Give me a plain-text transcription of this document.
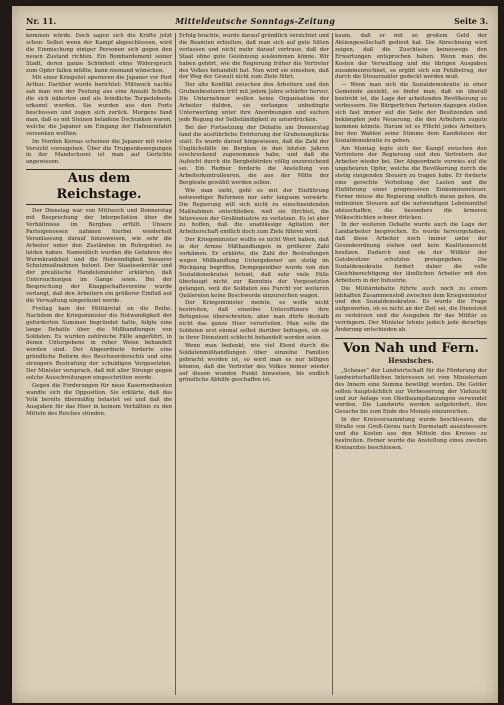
Nr. 11.	Mitteldeutsche Sonntags-Zeitung	Seite 3.

kommen würde. Doch sagen sich die Kräfte jetzt schon: Selbst wenn der Kampf abgeschlossen, wird die Einmischung einiger Personen sich gegen den neuen Zustand richten. Ein Bombardement seiner Stadt, deren ganze Schönheit ohne Widerspruch zum Opfer fallen müßte, kann niemand wünschen.

Mit einer Kriegslist operieren die Japaner vor Port Arthur. Darüber wurde berichtet: Mittwoch nachts sah man von der Festung aus eine Anzahl Schiffe, die sich näherten und als feindliche Torpedoboote erkannt wurden. Sie wurden aus den Forts beschossen und zogen sich zurück. Morgens fand man, daß es mit Steinen beladene Dschunken waren, welche die Japaner am Eingang der Hafeneinfahrt versenken wollten.

Im Norden Koreas scheinen die Japaner mit vieler Vorsicht vorzugehen. Über die Truppenbewegungen in der Mandschurei ist man auf Gerüchte angewiesen.

Aus dem Reichstage.

Der Dienstag war von Mittwoch und Donnerstag mit Besprechung der Interpellation über die Verhältnisse im Bergbau erfüllt. Unsere Parteigenossen nahmen hierbei wiederholt Veranlassung darauf hinzuweisen, wie sehr die Arbeiter unter den Zuständen im Ruhrgebiet zu leiden haben. Namentlich wurden die Gefahren des Wurmkrankheit und die Notwendigkeit besserer Schutzmaßnahmen betont. Der Staatssekretär und der preußische Handelsminister erklärten, daß Untersuchungen im Gange seien. Bei der Besprechung der Knappschaftsvereine wurde verlangt, daß den Arbeitern ein größerer Einfluß auf die Verwaltung eingeräumt werde.

Freitag kam der Militäretat an die Reihe. Nachdem der Kriegsminister die Notwendigkeit der geforderten Summen begründet hatte, folgte eine lange Debatte über die Mißhandlungen von Soldaten. Es wurden zahlreiche Fälle angeführt, in denen Untergebene in roher Weise behandelt worden sind. Der Abgeordnete forderte eine gründliche Reform des Beschwerderechts und eine strengere Bestrafung der schuldigen Vorgesetzten. Der Minister versprach, daß mit aller Strenge gegen solche Ausschreitungen eingeschritten werde.

Gegen die Forderungen für neue Kasernenbauten wandte sich die Opposition. Sie erklärte, daß das Volk bereits übermäßig belastet sei und daß die Ausgaben für das Heer in keinem Verhältnis zu den Mitteln des Reiches stünden.

Erfolg brachte, wurde darauf gründlich verzichtet und die Beamten erhielten, daß man sich auf gute Sitten verlassen und nicht mehr darauf vertraue, daß der Staat ohne gute Gesinnung auskommen könne. Wir haben gehört, wie die Regierung früher die Vertreter des Volkes behandelt hat. Nun wird sie einsehen, daß der Weg der Gewalt nicht zum Ziele führt.

Der alte Konflikt zwischen den Arbeitern und den Grubenbesitzern tritt mit jedem Jahre schärfer hervor. Die Unternehmer wollen keine Organisation der Arbeiter dulden, sie verlangen unbedingte Unterwerfung unter ihre Anordnungen und suchen jede Regung der Selbständigkeit zu unterdrücken.

Bei der Fortsetzung der Debatte am Donnerstag fand die ausführliche Erörterung der Grubenunglücke statt. Es wurde darauf hingewiesen, daß die Zahl der Unglücksfälle im Bergbau in den letzten Jahren erschreckend zugenommen habe, und daß die Aufsicht durch die Bergbehörden völlig unzureichend sei. Ein Redner forderte die Anstellung von Arbeiterkontrolleuren, die aus der Mitte der Bergleute gewählt werden sollen.

Wie man sieht, geht es mit der Einführung notwendiger Reformen nur sehr langsam vorwärts. Die Regierung will sich nicht zu einschneidenden Maßnahmen entschließen, weil sie fürchtet, die Interessen der Großindustrie zu verletzen. Es ist aber zu hoffen, daß die unablässige Agitation der Arbeiterschaft endlich doch zum Ziele führen wird.

Der Kriegsminister wollte es nicht Wort haben, daß in der Armee Mißhandlungen in größerer Zahl vorkämen. Er erklärte, die Zahl der Bestrafungen wegen Mißhandlung Untergebener sei stetig im Rückgang begriffen. Demgegenüber wurde von den Sozialdemokraten betont, daß sehr viele Fälle überhaupt nicht zur Kenntnis der Vorgesetzten gelangen, weil die Soldaten aus Furcht vor weiteren Quälereien keine Beschwerde einzureichen wagen.

Der Kriegsminister meinte, es wolle nicht bestreiten, daß einzelne Unteroffiziere ihre Befugnisse überschreiten; aber man dürfe deshalb nicht das ganze Heer verurteilen. Man solle die Soldaten erst einmal selbst darüber befragen, ob sie in ihrer Dienstzeit schlecht behandelt worden seien.

Wenn man bedenkt, wie viel Elend durch die Soldatenmißhandlungen über einzelne Familien gebracht worden ist, so wird man es nur billigen können, daß die Vertreter des Volkes immer wieder auf diesen wunden Punkt hinweisen, bis endlich gründliche Abhilfe geschaffen ist.

kaum, daß er mit so großem Geld der Aktiengesellschaft gedient hat. Die Abrechnung wird zeigen, daß die Zuschüsse keineswegs den Erwartungen entsprochen haben. Wenn man die Kosten der Verwaltung und die übrigen Ausgaben zusammenrechnet, so ergibt sich ein Fehlbetrag, der durch die Steuerzahler gedeckt werden muß.

— Wenn man sich die Sozialdemokratie in einer Gemeinde ansieht, so findet man, daß sie überall bestrebt ist, die Lage der arbeitenden Bevölkerung zu verbessern. Die Bürgerlichen Parteien dagegen stellen sich fast immer auf die Seite der Besitzenden und bekämpfen jede Neuerung, die den Arbeitern zugute kommen könnte. Darum ist es Pflicht jedes Arbeiters, bei den Wahlen seine Stimme dem Kandidaten der Sozialdemokratie zu geben.

Am Montag legte sich der Kampf zwischen den Vertretern der Regierung und den Vertretern der Arbeiter wieder bei. Der Abgeordnete verwies auf die ungeheuren Opfer, welche die Bevölkerung durch die stetig steigenden Steuern zu tragen habe. Er forderte eine gerechte Verteilung der Lasten und die Einführung einer progressiven Einkommensteuer. Ferner müsse die Regierung endlich daran gehen, die indirekten Steuern auf die notwendigen Lebensmittel abzuschaffen, die besonders die ärmeren Volksschichten schwer drücken.

In der weiteren Debatte wurde auch die Lage der Landarbeiter besprochen. Es wurde hervorgehoben, daß diese Arbeiter noch immer unter der Gesindeordnung stehen und kein Koalitionsrecht besitzen. Dadurch sind sie der Willkür der Gutsbesitzer schutzlos preisgegeben. Die Sozialdemokratie fordert daher die volle Gleichberechtigung der ländlichen Arbeiter mit den Arbeitern in der Industrie.

Die Militärdebatte führte auch noch zu einem lebhaften Zusammenstoß zwischen dem Kriegsminister und den Sozialdemokraten. Es wurde die Frage aufgeworfen, ob es nicht an der Zeit sei, die Dienstzeit zu verkürzen und die Ausgaben für das Militär zu verringern. Der Minister lehnte jedoch jede derartige Änderung entschieden ab.

Von Nah und Fern.
Hessisches.

„Scheuer“ der Landwirtschaft für die Förderung der landwirtschaftlichen Interessen ist vom Ministerium des Innern eine Summe bewilligt worden. Die Gelder sollen hauptsächlich zur Verbesserung der Viehzucht und zur Anlage von Obstbaumpflanzungen verwendet werden. Die Landwirte werden aufgefordert, ihre Gesuche bis zum Ende des Monats einzureichen.

In der Kreisversammlung wurde beschlossen, die Straße von Groß-Gerau nach Darmstadt auszubessern und die Kosten aus den Mitteln des Kreises zu bestreiten. Ferner wurde die Anstellung eines zweiten Kreisarztes beschlossen.
